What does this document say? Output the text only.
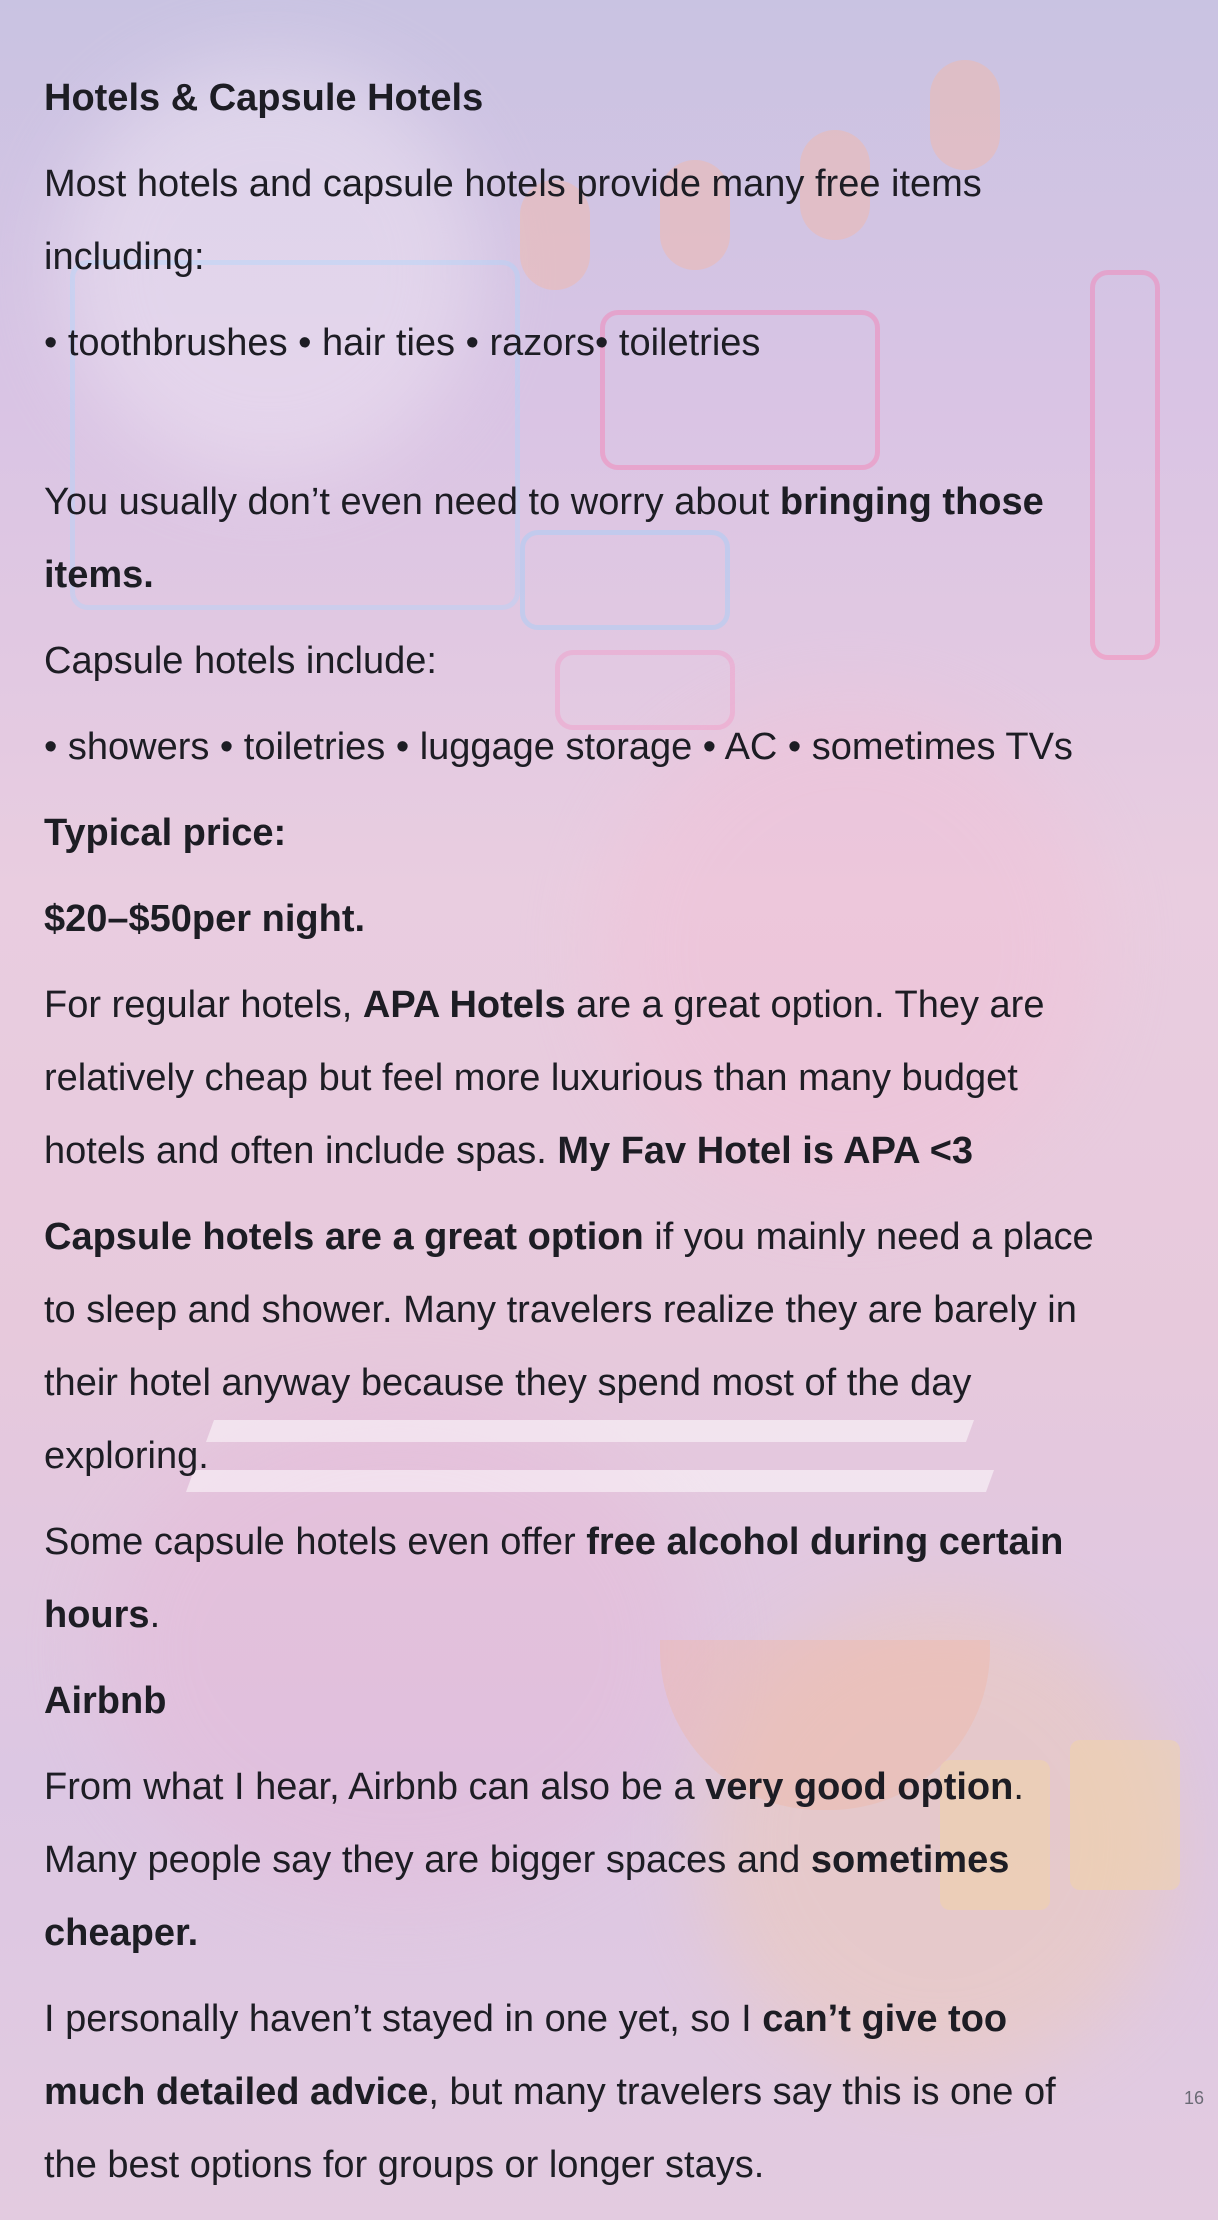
Hotels & Capsule Hotels

Most hotels and capsule hotels provide many free items

including:

• toothbrushes • hair ties • razors• toiletries

You usually don’t even need to worry about bringing those

items.

Capsule hotels include:

• showers • toiletries • luggage storage • AC • sometimes TVs

Typical price:

$20–$50per night.

For regular hotels, APA Hotels are a great option. They are

relatively cheap but feel more luxurious than many budget

hotels and often include spas. My Fav Hotel is APA <3

Capsule hotels are a great option if you mainly need a place

to sleep and shower. Many travelers realize they are barely in

their hotel anyway because they spend most of the day

exploring.

Some capsule hotels even offer free alcohol during certain

hours.

Airbnb

From what I hear, Airbnb can also be a very good option.

Many people say they are bigger spaces and sometimes

cheaper.

I personally haven’t stayed in one yet, so I can’t give too

much detailed advice, but many travelers say this is one of

the best options for groups or longer stays.

16
